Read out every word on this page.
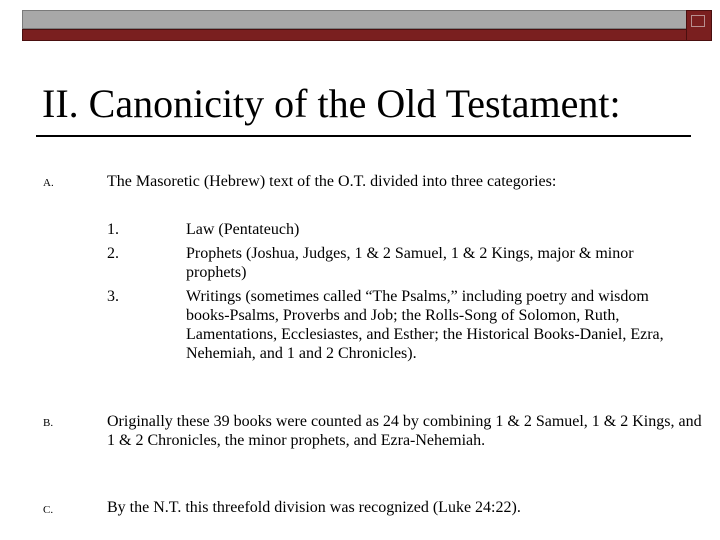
II. Canonicity of the Old Testament:
A.	The Masoretic (Hebrew) text of the O.T. divided into three categories:
1.	Law (Pentateuch)
2.	Prophets (Joshua, Judges, 1 & 2 Samuel, 1 & 2 Kings, major & minor prophets)
3.	Writings (sometimes called “The Psalms,” including poetry and wisdom books-Psalms, Proverbs and Job; the Rolls-Song of Solomon, Ruth, Lamentations, Ecclesiastes, and Esther; the Historical Books-Daniel, Ezra, Nehemiah, and 1 and 2 Chronicles).
B.	Originally these 39 books were counted as 24 by combining 1 & 2 Samuel, 1 & 2 Kings, and 1 & 2 Chronicles, the minor prophets, and Ezra-Nehemiah.
C.	By the N.T. this threefold division was recognized (Luke 24:22).
